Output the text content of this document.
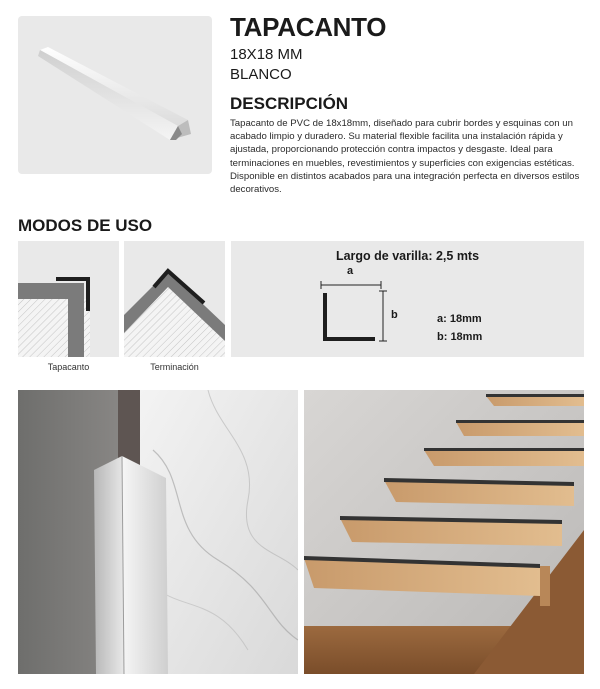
TAPACANTO
18X18 MM
BLANCO
DESCRIPCIÓN
Tapacanto de PVC de 18x18mm, diseñado para cubrir bordes y esquinas con un acabado limpio y duradero. Su material flexible facilita una instalación rápida y ajustada, proporcionando protección contra impactos y desgaste. Ideal para terminaciones en muebles, revestimientos y superficies con exigencias estéticas. Disponible en distintos acabados para una integración perfecta en diversos estilos decorativos.
MODOS DE USO
Tapacanto	Terminación
Largo de varilla: 2,5 mts
a
b	a: 18mm
b: 18mm
